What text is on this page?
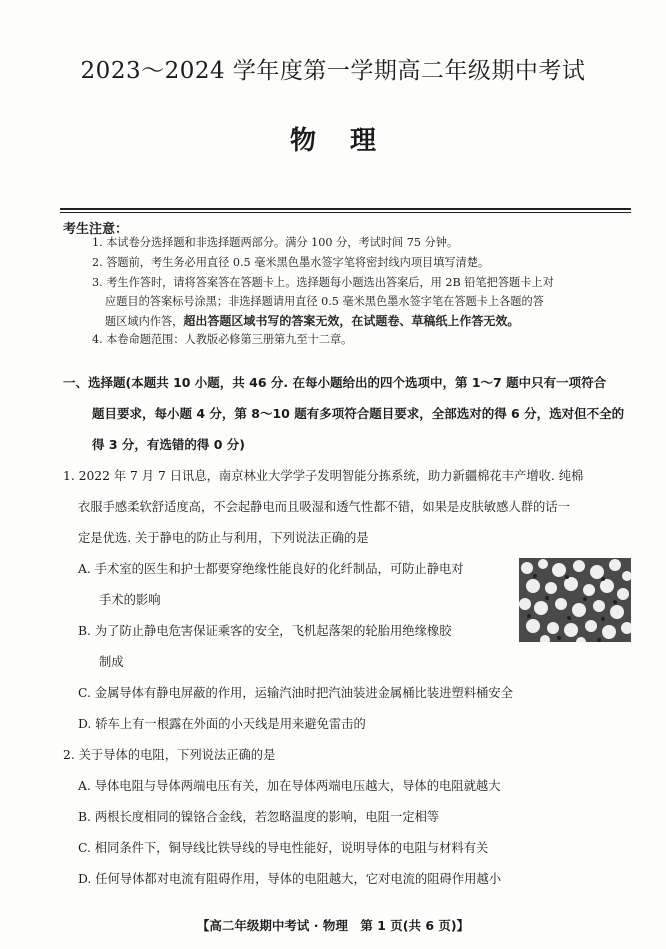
2023～2024 学年度第一学期高二年级期中考试
物理
考生注意：
1. 本试卷分选择题和非选择题两部分。满分 100 分，考试时间 75 分钟。
2. 答题前，考生务必用直径 0.5 毫米黑色墨水签字笔将密封线内项目填写清楚。
3. 考生作答时，请将答案答在答题卡上。选择题每小题选出答案后，用 2B 铅笔把答题卡上对
应题目的答案标号涂黑；非选择题请用直径 0.5 毫米黑色墨水签字笔在答题卡上各题的答
题区域内作答，超出答题区域书写的答案无效，在试题卷、草稿纸上作答无效。
4. 本卷命题范围：人教版必修第三册第九至十二章。
一、选择题(本题共 10 小题，共 46 分. 在每小题给出的四个选项中，第 1～7 题中只有一项符合
题目要求，每小题 4 分，第 8～10 题有多项符合题目要求，全部选对的得 6 分，选对但不全的
得 3 分，有选错的得 0 分)
1. 2022 年 7 月 7 日讯息，南京林业大学学子发明智能分拣系统，助力新疆棉花丰产增收. 纯棉
衣服手感柔软舒适度高，不会起静电而且吸湿和透气性都不错，如果是皮肤敏感人群的话一
定是优选. 关于静电的防止与利用，下列说法正确的是
A. 手术室的医生和护士都要穿绝缘性能良好的化纤制品，可防止静电对
手术的影响
B. 为了防止静电危害保证乘客的安全，飞机起落架的轮胎用绝缘橡胶
制成
C. 金属导体有静电屏蔽的作用，运输汽油时把汽油装进金属桶比装进塑料桶安全
D. 轿车上有一根露在外面的小天线是用来避免雷击的
2. 关于导体的电阻，下列说法正确的是
A. 导体电阻与导体两端电压有关，加在导体两端电压越大，导体的电阻就越大
B. 两根长度相同的镍铬合金线，若忽略温度的影响，电阻一定相等
C. 相同条件下，铜导线比铁导线的导电性能好，说明导体的电阻与材料有关
D. 任何导体都对电流有阻碍作用，导体的电阻越大，它对电流的阻碍作用越小
【高二年级期中考试 · 物理　第 1 页(共 6 页)】
